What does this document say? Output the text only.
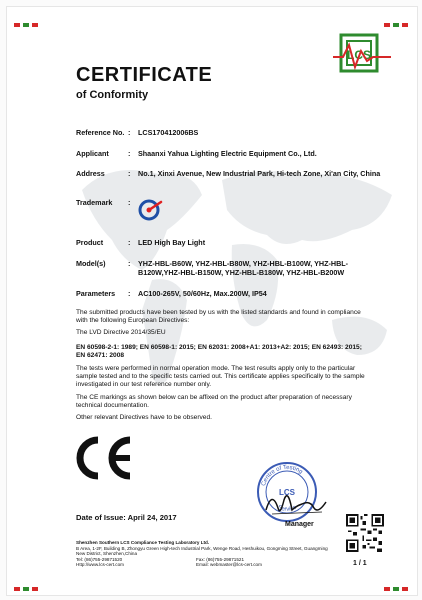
LCS
CERTIFICATE
of Conformity
Reference No. :	LCS170412006BS
Applicant	:	Shaanxi Yahua Lighting Electric Equipment Co., Ltd.
Address	:	No.1, Xinxi Avenue, New Industrial Park, Hi-tech Zone, Xi'an City, China
Trademark	:
Product	:	LED High Bay Light
Model(s)	:	YHZ-HBL-B60W, YHZ-HBL-B80W, YHZ-HBL-B100W, YHZ-HBL-B120W,YHZ-HBL-B150W, YHZ-HBL-B180W, YHZ-HBL-B200W
Parameters	:	AC100-265V, 50/60Hz, Max.200W, IP54
The submitted products have been tested by us with the listed standards and found in compliance with the following European Directives:
The LVD Directive 2014/35/EU
EN 60598-2-1: 1989; EN 60598-1: 2015; EN 62031: 2008+A1: 2013+A2: 2015; EN 62493: 2015; EN 62471: 2008
The tests were performed in normal operation mode. The test results apply only to the particular sample tested and to the specific tests carried out. This certificate applies specifically to the sample investigated in our test reference number only.
The CE markings as shown below can be affixed on the product after preparation of necessary technical documentation.
Other relevant Directives have to be observed.
Centre of Testing
Service
LCS
Manager
Date of Issue: April 24, 2017
Shenzhen Southern LCS Compliance Testing Laboratory Ltd.
B Area, 1-2F, Building B, Zhongyu Green High-tech Industrial Park, Wenge Road, Heshuikou, Gongming Street, Guangming New District, Shenzhen,China
Tel: (86)755-29871520	Fax: (86)755-29871521
Http://www.lcs-cert.com	Email: webmaster@lcs-cert.com	1 / 1
